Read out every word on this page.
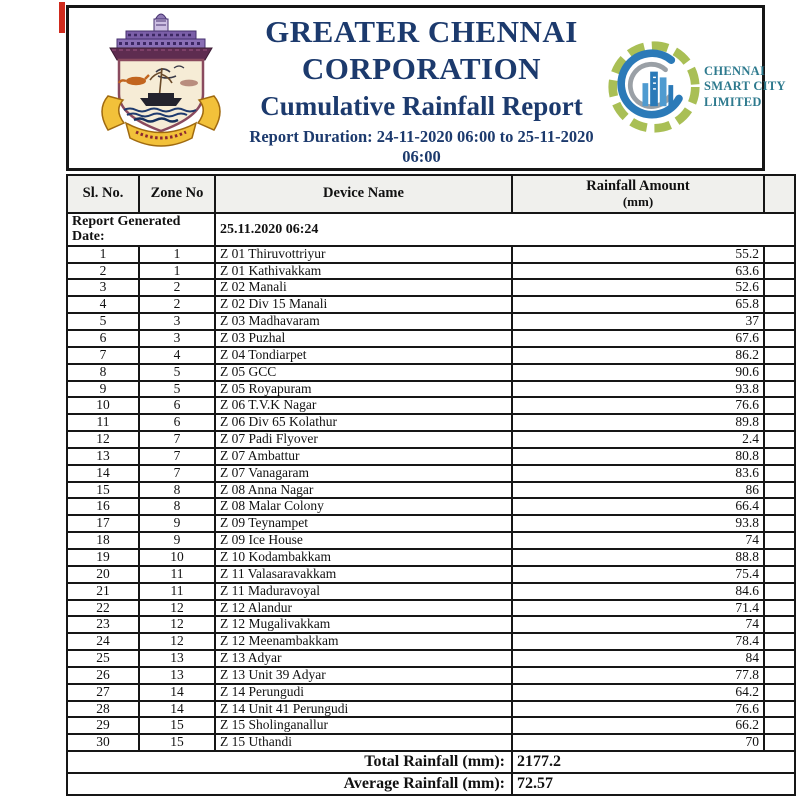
GREATER CHENNAI
CORPORATION
Cumulative Rainfall Report
Report Duration: 24-11-2020 06:00 to 25-11-2020 06:00
CHENNAI
SMART CITY
LIMITED
Report Generated Date:		25.11.2020 06:24		
Sl. No.	Zone No	Device Name	Rainfall Amount
(mm)	

1	1	Z 01 Thiruvottriyur	55.2	
2	1	Z 01 Kathivakkam	63.6	
3	2	Z 02 Manali	52.6	
4	2	Z 02 Div 15 Manali	65.8	
5	3	Z 03 Madhavaram	37	
6	3	Z 03 Puzhal	67.6	
7	4	Z 04 Tondiarpet	86.2	
8	5	Z 05 GCC	90.6	
9	5	Z 05 Royapuram	93.8	
10	6	Z 06 T.V.K Nagar	76.6	
11	6	Z 06 Div 65 Kolathur	89.8	
12	7	Z 07 Padi Flyover	2.4	
13	7	Z 07 Ambattur	80.8	
14	7	Z 07 Vanagaram	83.6	
15	8	Z 08 Anna Nagar	86	
16	8	Z 08 Malar Colony	66.4	
17	9	Z 09 Teynampet	93.8	
18	9	Z 09 Ice House	74	
19	10	Z 10 Kodambakkam	88.8	
20	11	Z 11 Valasaravakkam	75.4	
21	11	Z 11 Maduravoyal	84.6	
22	12	Z 12 Alandur	71.4	
23	12	Z 12 Mugalivakkam	74	
24	12	Z 12 Meenambakkam	78.4	
25	13	Z 13 Adyar	84	
26	13	Z 13 Unit 39 Adyar	77.8	
27	14	Z 14 Perungudi	64.2	
28	14	Z 14 Unit 41 Perungudi	76.6	
29	15	Z 15 Sholinganallur	66.2	
30	15	Z 15 Uthandi	70	
Total Rainfall (mm):			2177.2	
Average Rainfall (mm):			72.57	
